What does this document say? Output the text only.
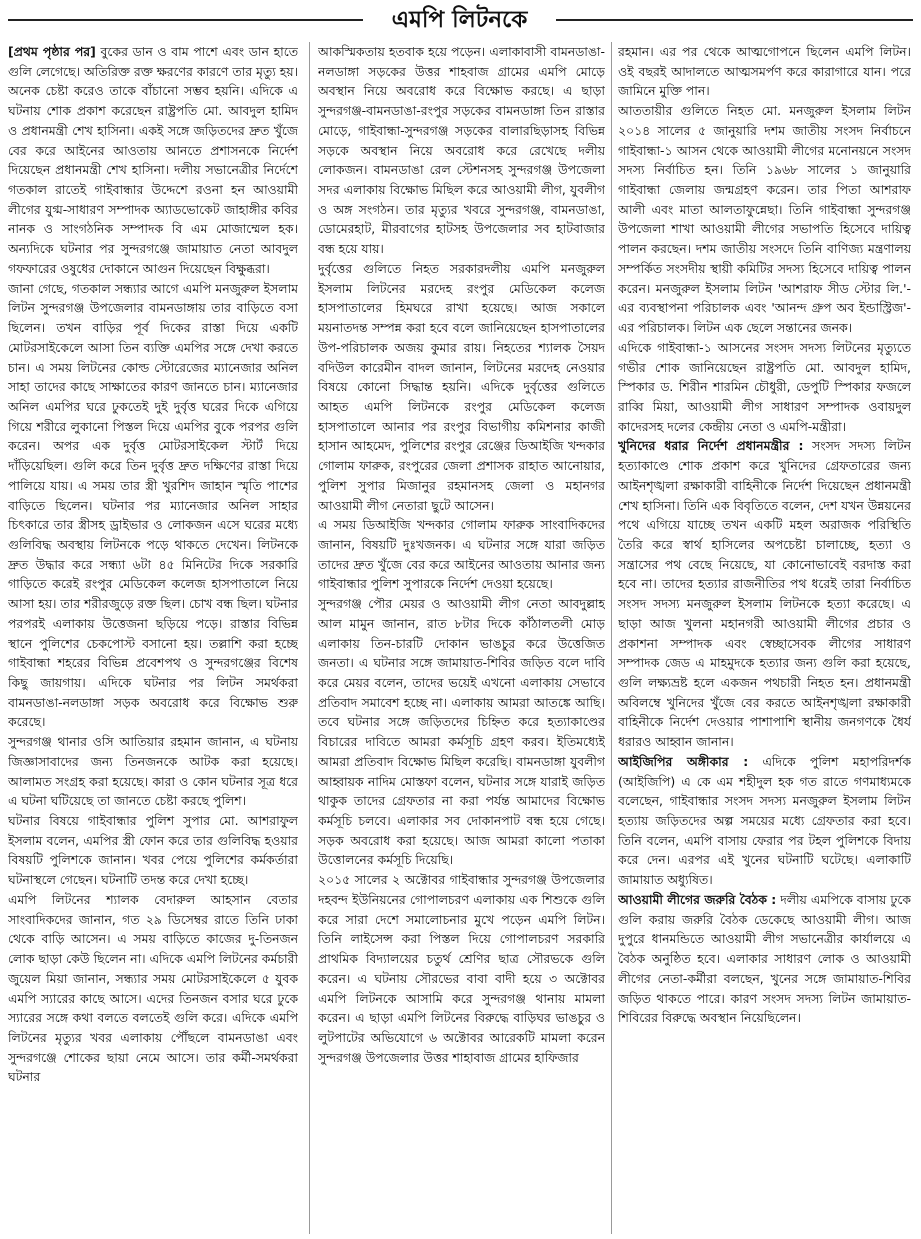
এমপি লিটনকে

[প্রথম পৃষ্ঠার পর] বুকের ডান ও বাম পাশে এবং ডান হাতে গুলি লেগেছে। অতিরিক্ত রক্ত ক্ষরণের কারণে তার মৃত্যু হয়। অনেক চেষ্টা করেও তাকে বাঁচানো সম্ভব হয়নি। এদিকে এ ঘটনায় শোক প্রকাশ করেছেন রাষ্ট্রপতি মো. আবদুল হামিদ ও প্রধানমন্ত্রী শেখ হাসিনা। একই সঙ্গে জড়িতদের দ্রুত খুঁজে বের করে আইনের আওতায় আনতে প্রশাসনকে নির্দেশ দিয়েছেন প্রধানমন্ত্রী শেখ হাসিনা। দলীয় সভানেত্রীর নির্দেশে গতকাল রাতেই গাইবান্ধার উদ্দেশে রওনা হন আওয়ামী লীগের যুগ্ম-সাধারণ সম্পাদক অ্যাডভোকেট জাহাঙ্গীর কবির নানক ও সাংগঠনিক সম্পাদক বি এম মোজাম্মেল হক। অন্যদিকে ঘটনার পর সুন্দরগঞ্জে জামায়াত নেতা আবদুল গফফারের ওষুধের দোকানে আগুন দিয়েছেন বিক্ষুব্ধরা।

জানা গেছে, গতকাল সন্ধ্যার আগে এমপি মনজুরুল ইসলাম লিটন সুন্দরগঞ্জ উপজেলার বামনডাঙ্গায় তার বাড়িতে বসা ছিলেন। তখন বাড়ির পূর্ব দিকের রাস্তা দিয়ে একটি মোটরসাইকেলে আসা তিন ব্যক্তি এমপির সঙ্গে দেখা করতে চান। এ সময় লিটনের কোল্ড স্টোরেজের ম্যানেজার অনিল সাহা তাদের কাছে সাক্ষাতের কারণ জানতে চান। ম্যানেজার অনিল এমপির ঘরে ঢুকতেই দুই দুর্বৃত্ত ঘরের দিকে এগিয়ে গিয়ে শরীরে লুকানো পিস্তল দিয়ে এমপির বুকে পরপর গুলি করেন। অপর এক দুর্বৃত্ত মোটরসাইকেল স্টার্ট দিয়ে দাঁড়িয়েছিল। গুলি করে তিন দুর্বৃত্ত দ্রুত দক্ষিণের রাস্তা দিয়ে পালিয়ে যায়। এ সময় তার স্ত্রী খুরশিদ জাহান স্মৃতি পাশের বাড়িতে ছিলেন। ঘটনার পর ম্যানেজার অনিল সাহার চিৎকারে তার স্ত্রীসহ ড্রাইভার ও লোকজন এসে ঘরের মধ্যে গুলিবিদ্ধ অবস্থায় লিটনকে পড়ে থাকতে দেখেন। লিটনকে দ্রুত উদ্ধার করে সন্ধ্যা ৬টা ৪৫ মিনিটের দিকে সরকারি গাড়িতে করেই রংপুর মেডিকেল কলেজ হাসপাতালে নিয়ে আসা হয়। তার শরীরজুড়ে রক্ত ছিল। চোখ বন্ধ ছিল। ঘটনার পরপরই এলাকায় উত্তেজনা ছড়িয়ে পড়ে। রাস্তার বিভিন্ন স্থানে পুলিশের চেকপোস্ট বসানো হয়। তল্লাশি করা হচ্ছে গাইবান্ধা শহরের বিভিন্ন প্রবেশপথ ও সুন্দরগঞ্জের বিশেষ কিছু জায়গায়। এদিকে ঘটনার পর লিটন সমর্থকরা বামনডাঙা-নলডাঙ্গা সড়ক অবরোধ করে বিক্ষোভ শুরু করেছে।

সুন্দরগঞ্জ থানার ওসি আতিয়ার রহমান জানান, এ ঘটনায় জিজ্ঞাসাবাদের জন্য তিনজনকে আটক করা হয়েছে। আলামত সংগ্রহ করা হয়েছে। কারা ও কোন ঘটনার সূত্র ধরে এ ঘটনা ঘটিয়েছে তা জানতে চেষ্টা করছে পুলিশ।

ঘটনার বিষয়ে গাইবান্ধার পুলিশ সুপার মো. আশরাফুল ইসলাম বলেন, এমপির স্ত্রী ফোন করে তার গুলিবিদ্ধ হওয়ার বিষয়টি পুলিশকে জানান। খবর পেয়ে পুলিশের কর্মকর্তারা ঘটনাস্থলে গেছেন। ঘটনাটি তদন্ত করে দেখা হচ্ছে।

এমপি লিটনের শ্যালক বেদারুল আহসান বেতার সাংবাদিকদের জানান, গত ২৯ ডিসেম্বর রাতে তিনি ঢাকা থেকে বাড়ি আসেন। এ সময় বাড়িতে কাজের দু-তিনজন লোক ছাড়া কেউ ছিলেন না। এদিকে এমপি লিটনের কর্মচারী জুয়েল মিয়া জানান, সন্ধ্যার সময় মোটরসাইকেলে ৫ যুবক এমপি স্যারের কাছে আসে। এদের তিনজন বসার ঘরে ঢুকে স্যারের সঙ্গে কথা বলতে বলতেই গুলি করে। এদিকে এমপি লিটনের মৃত্যুর খবর এলাকায় পৌঁছলে বামনডাঙা এবং সুন্দরগঞ্জে শোকের ছায়া নেমে আসে। তার কর্মী-সমর্থকরা ঘটনার

আকস্মিকতায় হতবাক হয়ে পড়েন। এলাকাবাসী বামনডাঙা-নলডাঙ্গা সড়কের উত্তর শাহবাজ গ্রামের এমপি মোড়ে অবস্থান নিয়ে অবরোধ করে বিক্ষোভ করছে। এ ছাড়া সুন্দরগঞ্জ-বামনডাঙা-রংপুর সড়কের বামনডাঙ্গা তিন রাস্তার মোড়ে, গাইবান্ধা-সুন্দরগঞ্জ সড়কের বালারছিড়াসহ বিভিন্ন সড়কে অবস্থান নিয়ে অবরোধ করে রেখেছে দলীয় লোকজন। বামনডাঙা রেল স্টেশনসহ সুন্দরগঞ্জ উপজেলা সদর এলাকায় বিক্ষোভ মিছিল করে আওয়ামী লীগ, যুবলীগ ও অঙ্গ সংগঠন। তার মৃত্যুর খবরে সুন্দরগঞ্জ, বামনডাঙা, ডোমেরহাট, মীরবাগের হাটসহ উপজেলার সব হাটবাজার বন্ধ হয়ে যায়।

দুর্বৃত্তের গুলিতে নিহত সরকারদলীয় এমপি মনজুরুল ইসলাম লিটনের মরদেহ রংপুর মেডিকেল কলেজ হাসপাতালের হিমঘরে রাখা হয়েছে। আজ সকালে ময়নাতদন্ত সম্পন্ন করা হবে বলে জানিয়েছেন হাসপাতালের উপ-পরিচালক অজয় কুমার রায়। নিহতের শ্যালক সৈয়দ বদিউল কারেমীন বাদল জানান, লিটনের মরদেহ নেওয়ার বিষয়ে কোনো সিদ্ধান্ত হয়নি। এদিকে দুর্বৃত্তের গুলিতে আহত এমপি লিটনকে রংপুর মেডিকেল কলেজ হাসপাতালে আনার পর রংপুর বিভাগীয় কমিশনার কাজী হাসান আহমেদ, পুলিশের রংপুর রেঞ্জের ডিআইজি খন্দকার গোলাম ফারুক, রংপুরের জেলা প্রশাসক রাহাত আনোয়ার, পুলিশ সুপার মিজানুর রহমানসহ জেলা ও মহানগর আওয়ামী লীগ নেতারা ছুটে আসেন।

এ সময় ডিআইজি খন্দকার গোলাম ফারুক সাংবাদিকদের জানান, বিষয়টি দুঃখজনক। এ ঘটনার সঙ্গে যারা জড়িত তাদের দ্রুত খুঁজে বের করে আইনের আওতায় আনার জন্য গাইবান্ধার পুলিশ সুপারকে নির্দেশ দেওয়া হয়েছে।

সুন্দরগঞ্জ পৌর মেয়র ও আওয়ামী লীগ নেতা আবদুল্লাহ আল মামুন জানান, রাত ৮টার দিকে কাঁঠালতলী মোড় এলাকায় তিন-চারটি দোকান ভাঙচুর করে উত্তেজিত জনতা। এ ঘটনার সঙ্গে জামায়াত-শিবির জড়িত বলে দাবি করে মেয়র বলেন, তাদের ভয়েই এখনো এলাকায় সেভাবে প্রতিবাদ সমাবেশ হচ্ছে না। এলাকায় আমরা আতঙ্কে আছি। তবে ঘটনার সঙ্গে জড়িতদের চিহ্নিত করে হত্যাকাণ্ডের বিচারের দাবিতে আমরা কর্মসূচি গ্রহণ করব। ইতিমধ্যেই আমরা প্রতিবাদ বিক্ষোভ মিছিল করেছি। বামনডাঙ্গা যুবলীগ আহ্বায়ক নাদিম মোস্তফা বলেন, ঘটনার সঙ্গে যারাই জড়িত থাকুক তাদের গ্রেফতার না করা পর্যন্ত আমাদের বিক্ষোভ কর্মসূচি চলবে। এলাকার সব দোকানপাট বন্ধ হয়ে গেছে। সড়ক অবরোধ করা হয়েছে। আজ আমরা কালো পতাকা উত্তোলনের কর্মসূচি দিয়েছি।

২০১৫ সালের ২ অক্টোবর গাইবান্ধার সুন্দরগঞ্জ উপজেলার দহবন্দ ইউনিয়নের গোপালচরণ এলাকায় এক শিশুকে গুলি করে সারা দেশে সমালোচনার মুখে পড়েন এমপি লিটন। তিনি লাইসেন্স করা পিস্তল দিয়ে গোপালচরণ সরকারি প্রাথমিক বিদ্যালয়ের চতুর্থ শ্রেণির ছাত্র সৌরভকে গুলি করেন। এ ঘটনায় সৌরভের বাবা বাদী হয়ে ৩ অক্টোবর এমপি লিটনকে আসামি করে সুন্দরগঞ্জ থানায় মামলা করেন। এ ছাড়া এমপি লিটনের বিরুদ্ধে বাড়িঘর ভাঙচুর ও লুটপাটের অভিযোগে ৬ অক্টোবর আরেকটি মামলা করেন সুন্দরগঞ্জ উপজেলার উত্তর শাহাবাজ গ্রামের হাফিজার

রহমান। এর পর থেকে আত্মগোপনে ছিলেন এমপি লিটন। ওই বছরই আদালতে আত্মসমর্পণ করে কারাগারে যান। পরে জামিনে মুক্তি পান।

আততায়ীর গুলিতে নিহত মো. মনজুরুল ইসলাম লিটন ২০১৪ সালের ৫ জানুয়ারি দশম জাতীয় সংসদ নির্বাচনে গাইবান্ধা-১ আসন থেকে আওয়ামী লীগের মনোনয়নে সংসদ সদস্য নির্বাচিত হন। তিনি ১৯৬৮ সালের ১ জানুয়ারি গাইবান্ধা জেলায় জন্মগ্রহণ করেন। তার পিতা আশরাফ আলী এবং মাতা আলতাফুন্নেছা। তিনি গাইবান্ধা সুন্দরগঞ্জ উপজেলা শাখা আওয়ামী লীগের সভাপতি হিসেবে দায়িত্ব পালন করছেন। দশম জাতীয় সংসদে তিনি বাণিজ্য মন্ত্রণালয় সম্পর্কিত সংসদীয় স্থায়ী কমিটির সদস্য হিসেবে দায়িত্ব পালন করেন। মনজুরুল ইসলাম লিটন 'আশরাফ সীড স্টোর লি.'-এর ব্যবস্থাপনা পরিচালক এবং 'আনন্দ গ্রুপ অব ইন্ডাস্ট্রিজ'-এর পরিচালক। লিটন এক ছেলে সন্তানের জনক।

এদিকে গাইবান্ধা-১ আসনের সংসদ সদস্য লিটনের মৃত্যুতে গভীর শোক জানিয়েছেন রাষ্ট্রপতি মো. আবদুল হামিদ, স্পিকার ড. শিরীন শারমিন চৌধুরী, ডেপুটি স্পিকার ফজলে রাব্বি মিয়া, আওয়ামী লীগ সাধারণ সম্পাদক ওবায়দুল কাদেরসহ দলের কেন্দ্রীয় নেতা ও এমপি-মন্ত্রীরা।

খুনিদের ধরার নির্দেশ প্রধানমন্ত্রীর : সংসদ সদস্য লিটন হত্যাকাণ্ডে শোক প্রকাশ করে খুনিদের গ্রেফতারের জন্য আইনশৃঙ্খলা রক্ষাকারী বাহিনীকে নির্দেশ দিয়েছেন প্রধানমন্ত্রী শেখ হাসিনা। তিনি এক বিবৃতিতে বলেন, দেশ যখন উন্নয়নের পথে এগিয়ে যাচ্ছে তখন একটি মহল অরাজক পরিস্থিতি তৈরি করে স্বার্থ হাসিলের অপচেষ্টা চালাচ্ছে, হত্যা ও সন্ত্রাসের পথ বেছে নিয়েছে, যা কোনোভাবেই বরদাস্ত করা হবে না। তাদের হত্যার রাজনীতির পথ ধরেই তারা নির্বাচিত সংসদ সদস্য মনজুরুল ইসলাম লিটনকে হত্যা করেছে। এ ছাড়া আজ খুলনা মহানগরী আওয়ামী লীগের প্রচার ও প্রকাশনা সম্পাদক এবং স্বেচ্ছাসেবক লীগের সাধারণ সম্পাদক জেড এ মাহমুদকে হত্যার জন্য গুলি করা হয়েছে, গুলি লক্ষ্যভ্রষ্ট হলে একজন পথচারী নিহত হন। প্রধানমন্ত্রী অবিলম্বে খুনিদের খুঁজে বের করতে আইনশৃঙ্খলা রক্ষাকারী বাহিনীকে নির্দেশ দেওয়ার পাশাপাশি স্থানীয় জনগণকে ধৈর্য ধরারও আহ্বান জানান।

আইজিপির অঙ্গীকার : এদিকে পুলিশ মহাপরিদর্শক (আইজিপি) এ কে এম শহীদুল হক গত রাতে গণমাধ্যমকে বলেছেন, গাইবান্ধার সংসদ সদস্য মনজুরুল ইসলাম লিটন হত্যায় জড়িতদের অল্প সময়ের মধ্যে গ্রেফতার করা হবে। তিনি বলেন, এমপি বাসায় ফেরার পর টহল পুলিশকে বিদায় করে দেন। এরপর এই খুনের ঘটনাটি ঘটেছে। এলাকাটি জামায়াত অধ্যুষিত।

আওয়ামী লীগের জরুরি বৈঠক : দলীয় এমপিকে বাসায় ঢুকে গুলি করায় জরুরি বৈঠক ডেকেছে আওয়ামী লীগ। আজ দুপুরে ধানমন্ডিতে আওয়ামী লীগ সভানেত্রীর কার্যালয়ে এ বৈঠক অনুষ্ঠিত হবে। এলাকার সাধারণ লোক ও আওয়ামী লীগের নেতা-কর্মীরা বলছেন, খুনের সঙ্গে জামায়াত-শিবির জড়িত থাকতে পারে। কারণ সংসদ সদস্য লিটন জামায়াত-শিবিরের বিরুদ্ধে অবস্থান নিয়েছিলেন।
